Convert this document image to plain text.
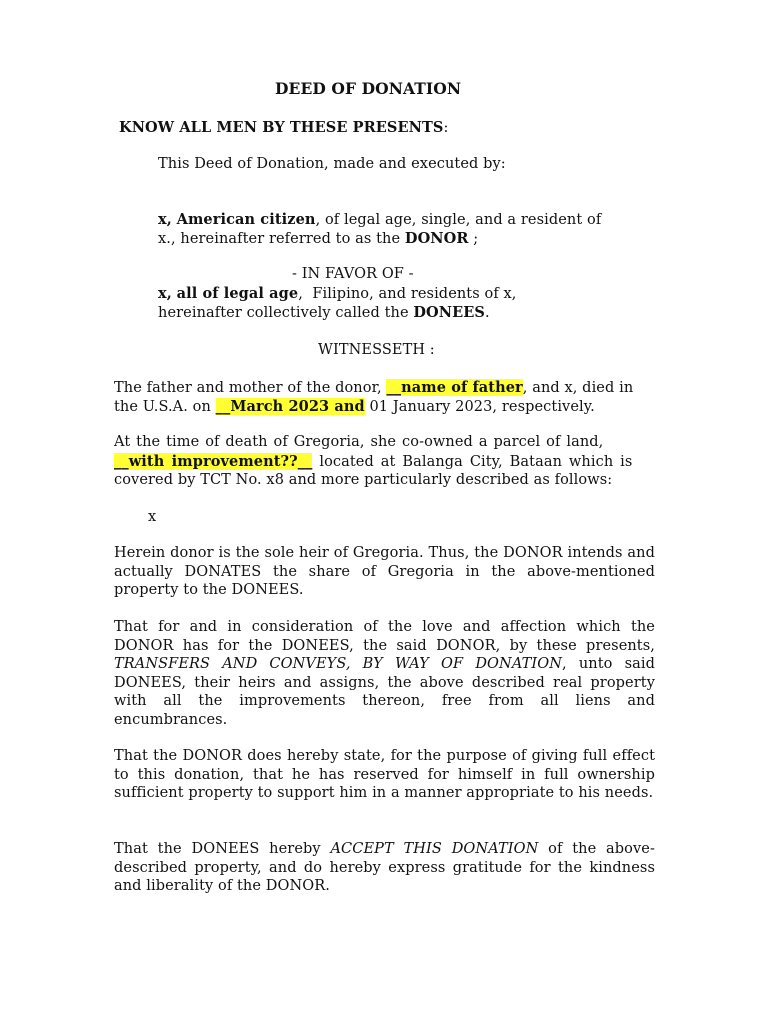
DEED OF DONATION
KNOW ALL MEN BY THESE PRESENTS:
This Deed of Donation, made and executed by:
x, American citizen, of legal age, single, and a resident of
x., hereinafter referred to as the DONOR ;
- IN FAVOR OF -
x, all of legal age,  Filipino, and residents of x,
hereinafter collectively called the DONEES.
WITNESSETH :
The father and mother of the donor, __name of father, and x, died in
the U.S.A. on __March 2023 and 01 January 2023, respectively.
At the time of death of Gregoria, she co-owned a parcel of land,
__with improvement??__ located at Balanga City, Bataan which is
covered by TCT No. x8 and more particularly described as follows:
x
Herein donor is the sole heir of Gregoria. Thus, the DONOR intends and actually DONATES the share of Gregoria in the above-mentioned property to the DONEES.
That for and in consideration of the love and affection which the DONOR has for the DONEES, the said DONOR, by these presents, TRANSFERS AND CONVEYS, BY WAY OF DONATION, unto said DONEES, their heirs and assigns, the above described real property with all the improvements thereon, free from all liens and encumbrances.
That the DONOR does hereby state, for the purpose of giving full effect to this donation, that he has reserved for himself in full ownership sufficient property to support him in a manner appropriate to his needs.
That the DONEES hereby ACCEPT THIS DONATION of the above-described property, and do hereby express gratitude for the kindness and liberality of the DONOR.
